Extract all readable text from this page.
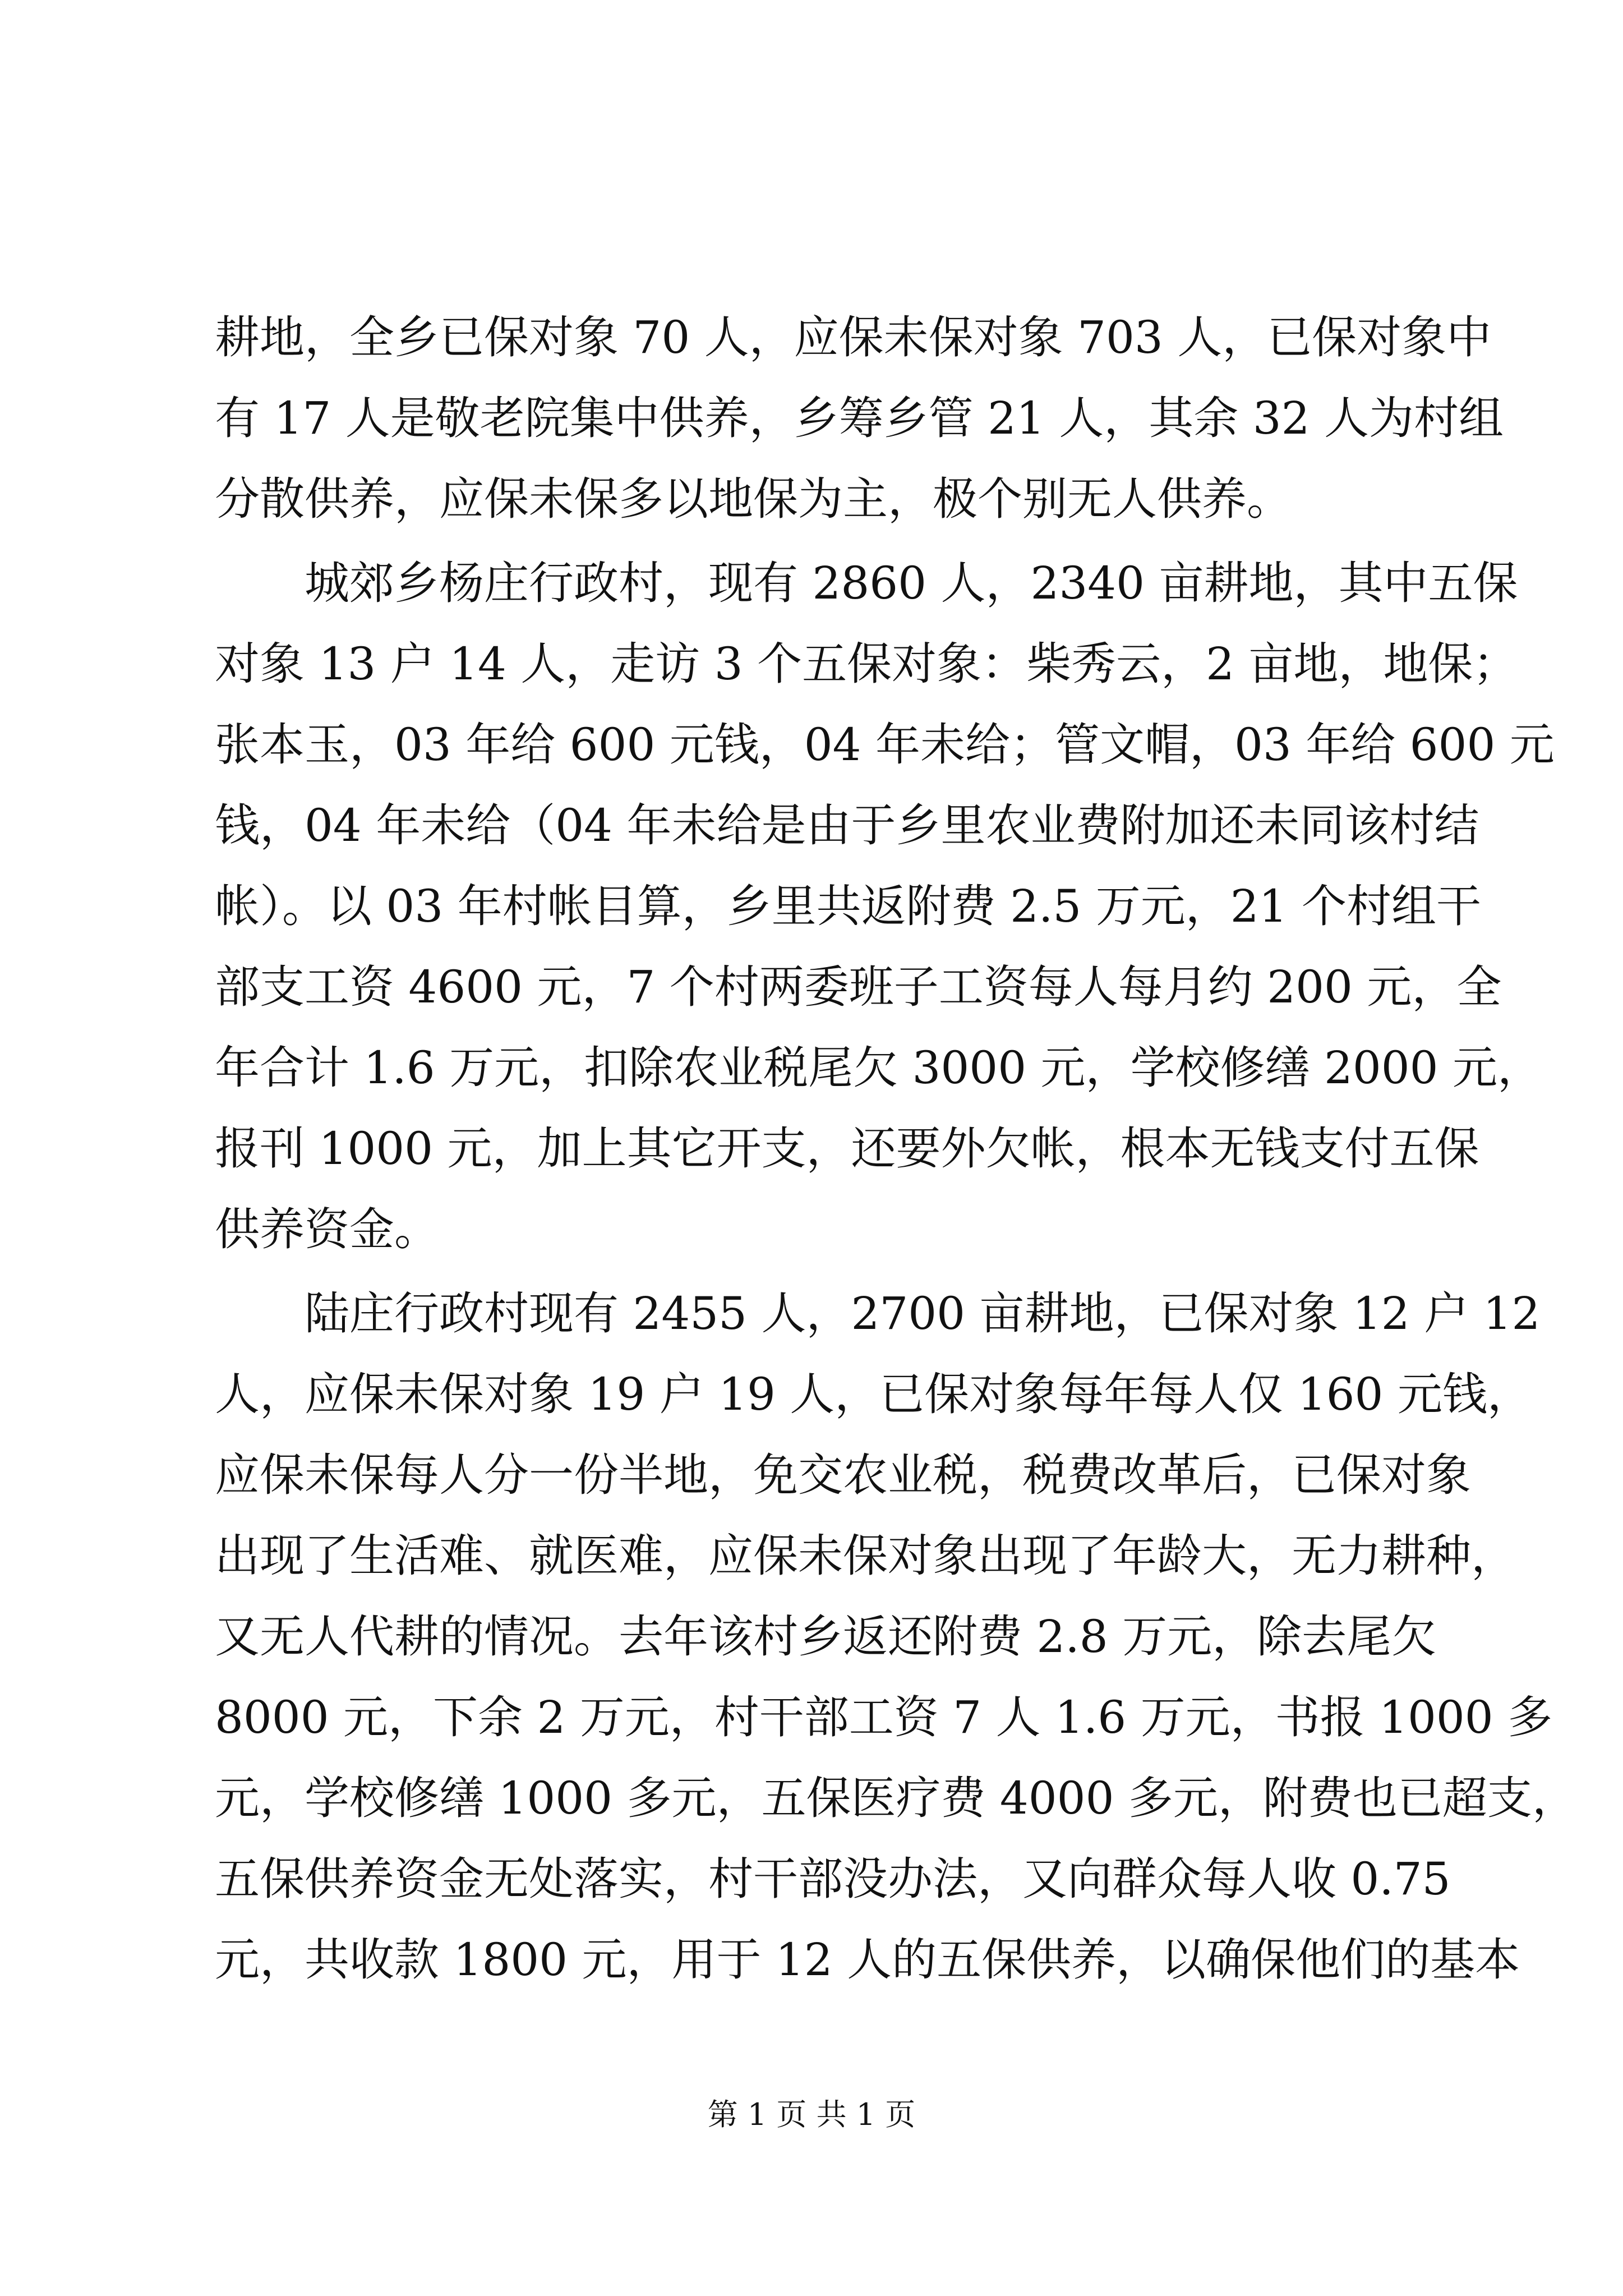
耕地，全乡已保对象 70 人，应保未保对象 703 人，已保对象中
有 17 人是敬老院集中供养，乡筹乡管 21 人，其余 32 人为村组
分散供养，应保未保多以地保为主，极个别无人供养。
　　城郊乡杨庄行政村，现有 2860 人，2340 亩耕地，其中五保
对象 13 户 14 人，走访 3 个五保对象：柴秀云，2 亩地，地保；
张本玉，03 年给 600 元钱，04 年未给；管文帽，03 年给 600 元
钱，04 年未给（04 年未给是由于乡里农业费附加还未同该村结
帐）。以 03 年村帐目算，乡里共返附费 2.5 万元，21 个村组干
部支工资 4600 元，7 个村两委班子工资每人每月约 200 元，全
年合计 1.6 万元，扣除农业税尾欠 3000 元，学校修缮 2000 元，
报刊 1000 元，加上其它开支，还要外欠帐，根本无钱支付五保
供养资金。
　　陆庄行政村现有 2455 人，2700 亩耕地，已保对象 12 户 12
人，应保未保对象 19 户 19 人，已保对象每年每人仅 160 元钱，
应保未保每人分一份半地，免交农业税，税费改革后，已保对象
出现了生活难、就医难，应保未保对象出现了年龄大，无力耕种，
又无人代耕的情况。去年该村乡返还附费 2.8 万元，除去尾欠
8000 元，下余 2 万元，村干部工资 7 人 1.6 万元，书报 1000 多
元，学校修缮 1000 多元，五保医疗费 4000 多元，附费也已超支，
五保供养资金无处落实，村干部没办法，又向群众每人收 0.75
元，共收款 1800 元，用于 12 人的五保供养，以确保他们的基本
第 1 页 共 1 页
